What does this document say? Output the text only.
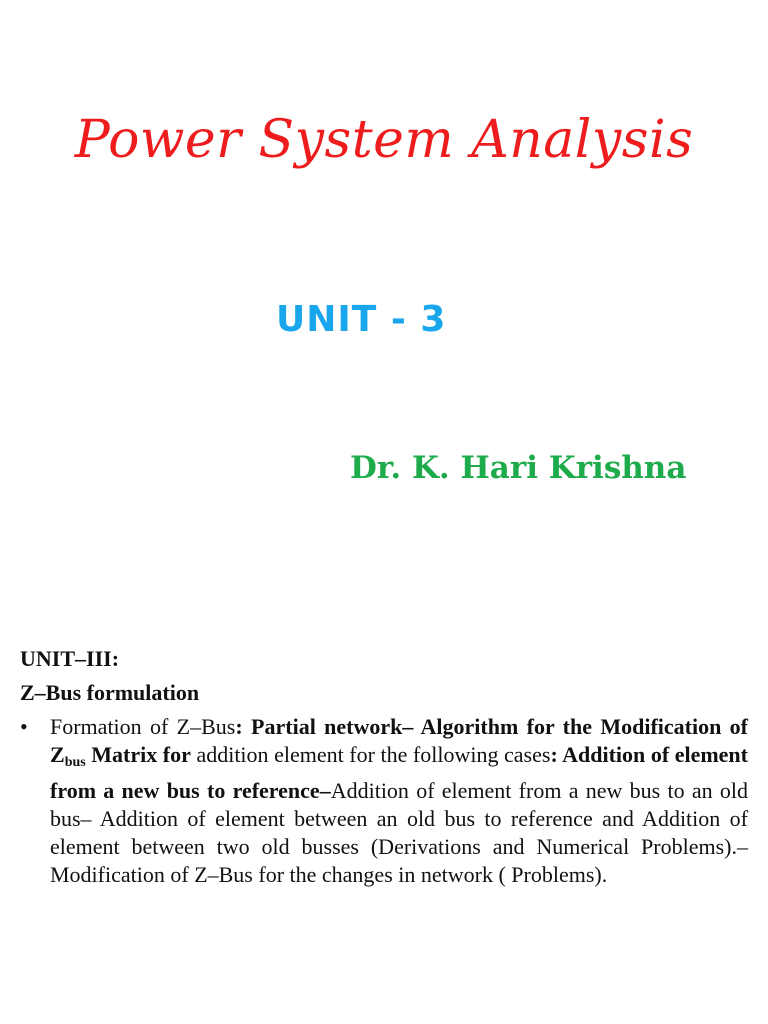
Power System Analysis
UNIT - 3
Dr. K. Hari Krishna
UNIT–III:
Z–Bus formulation
• Formation of Z–Bus: Partial network– Algorithm for the Modification of $Z_{bus}$ Matrix for addition element for the following cases: Addition of element from a new bus to reference–Addition of element from a new bus to an old bus– Addition of element between an old bus to reference and Addition of element between two old busses (Derivations and Numerical Problems).– Modification of Z–Bus for the changes in network ( Problems).
